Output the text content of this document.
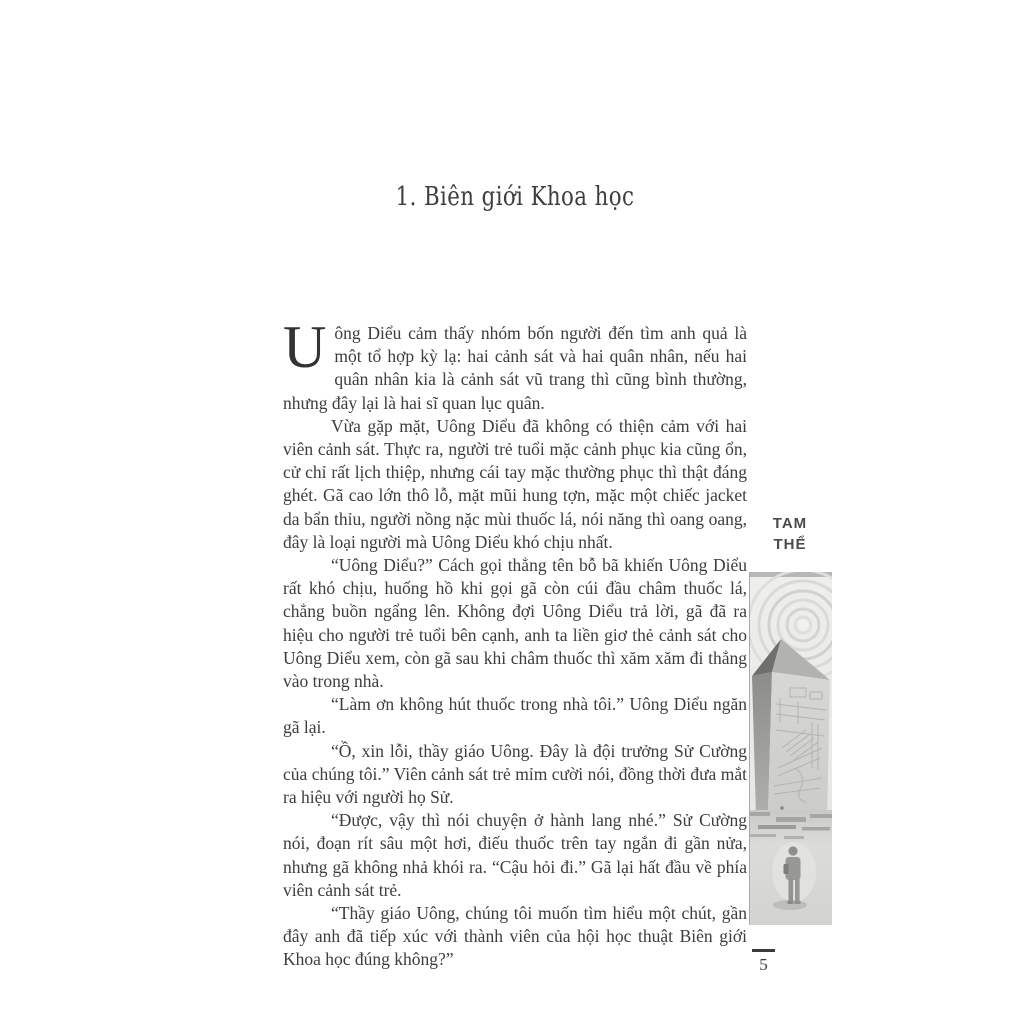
1. Biên giới Khoa học

U ông Diểu cảm thấy nhóm bốn người đến tìm anh quả là một tổ hợp kỳ lạ: hai cảnh sát và hai quân nhân, nếu hai quân nhân kia là cảnh sát vũ trang thì cũng bình thường, nhưng đây lại là hai sĩ quan lục quân.

Vừa gặp mặt, Uông Diểu đã không có thiện cảm với hai viên cảnh sát. Thực ra, người trẻ tuổi mặc cảnh phục kia cũng ổn, cử chỉ rất lịch thiệp, nhưng cái tay mặc thường phục thì thật đáng ghét. Gã cao lớn thô lỗ, mặt mũi hung tợn, mặc một chiếc jacket da bẩn thỉu, người nồng nặc mùi thuốc lá, nói năng thì oang oang, đây là loại người mà Uông Diểu khó chịu nhất.

“Uông Diểu?” Cách gọi thẳng tên bỗ bã khiến Uông Diểu rất khó chịu, huống hồ khi gọi gã còn cúi đầu châm thuốc lá, chẳng buồn ngẩng lên. Không đợi Uông Diểu trả lời, gã đã ra hiệu cho người trẻ tuổi bên cạnh, anh ta liền giơ thẻ cảnh sát cho Uông Diểu xem, còn gã sau khi châm thuốc thì xăm xăm đi thẳng vào trong nhà.

“Làm ơn không hút thuốc trong nhà tôi.” Uông Diểu ngăn gã lại.

“Ồ, xin lỗi, thầy giáo Uông. Đây là đội trưởng Sử Cường của chúng tôi.” Viên cảnh sát trẻ mỉm cười nói, đồng thời đưa mắt ra hiệu với người họ Sử.

“Được, vậy thì nói chuyện ở hành lang nhé.” Sử Cường nói, đoạn rít sâu một hơi, điếu thuốc trên tay ngắn đi gần nửa, nhưng gã không nhả khói ra. “Cậu hỏi đi.” Gã lại hất đầu về phía viên cảnh sát trẻ.

“Thầy giáo Uông, chúng tôi muốn tìm hiểu một chút, gần đây anh đã tiếp xúc với thành viên của hội học thuật Biên giới Khoa học đúng không?”

TAM
THỂ
5
